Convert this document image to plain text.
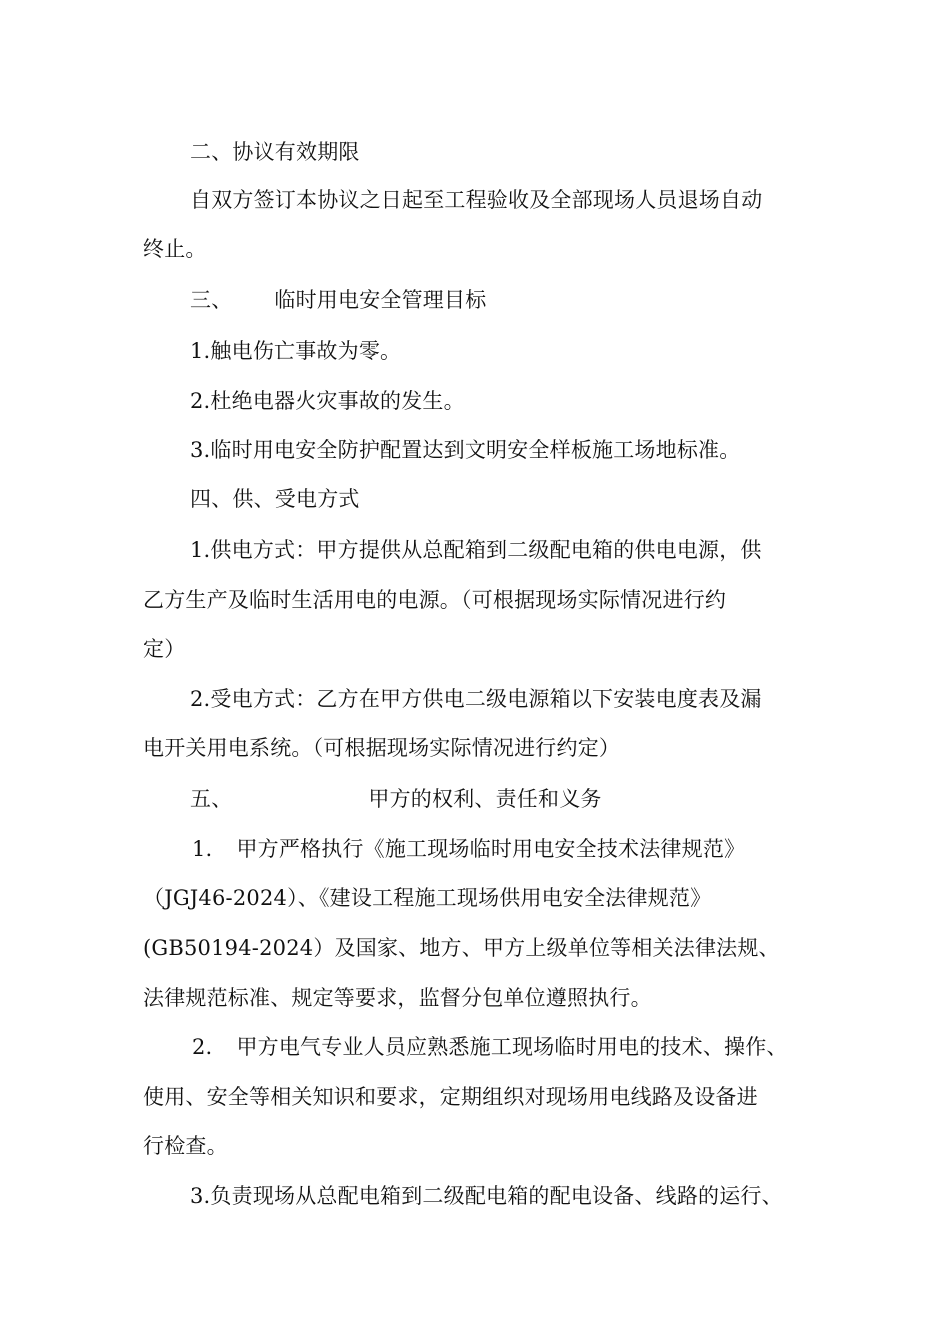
二、协议有效期限
自双方签订本协议之日起至工程验收及全部现场人员退场自动
终止。
三、 临时用电安全管理目标
1.触电伤亡事故为零。
2.杜绝电器火灾事故的发生。
3.临时用电安全防护配置达到文明安全样板施工场地标准。
四、供、受电方式
1.供电方式：甲方提供从总配箱到二级配电箱的供电电源，供
乙方生产及临时生活用电的电源。（可根据现场实际情况进行约
定）
2.受电方式：乙方在甲方供电二级电源箱以下安装电度表及漏
电开关用电系统。（可根据现场实际情况进行约定）
五、	甲方的权利、责任和义务
1. 甲方严格执行《施工现场临时用电安全技术法律规范》
（JGJ46-2024）、《建设工程施工现场供用电安全法律规范》
(GB50194-2024）及国家、地方、甲方上级单位等相关法律法规、
法律规范标准、规定等要求，监督分包单位遵照执行。
2. 甲方电气专业人员应熟悉施工现场临时用电的技术、操作、
使用、安全等相关知识和要求，定期组织对现场用电线路及设备进
行检查。
3.负责现场从总配电箱到二级配电箱的配电设备、线路的运行、
